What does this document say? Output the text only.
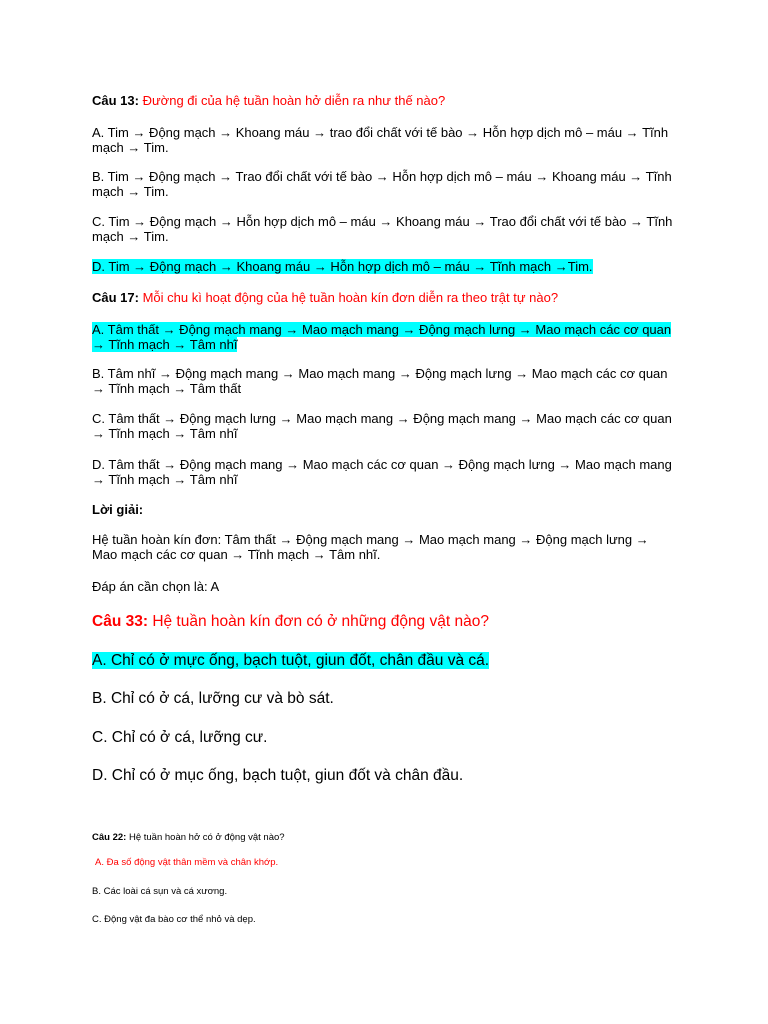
Câu 13: Đường đi của hệ tuần hoàn hở diễn ra như thế nào?
A. Tim → Động mạch → Khoang máu → trao đổi chất với tế bào → Hỗn hợp dịch mô – máu → Tĩnh mạch → Tim.
B. Tim → Động mạch → Trao đổi chất với tế bào → Hỗn hợp dịch mô – máu → Khoang máu → Tĩnh mạch → Tim.
C. Tim → Động mạch → Hỗn hợp dịch mô – máu → Khoang máu → Trao đổi chất với tế bào → Tĩnh mạch → Tim.
D. Tim → Động mạch → Khoang máu → Hỗn hợp dịch mô – máu → Tĩnh mạch →Tim.
Câu 17: Mỗi chu kì hoạt động của hệ tuần hoàn kín đơn diễn ra theo trật tự nào?
A. Tâm thất → Động mạch mang → Mao mạch mang → Động mạch lưng → Mao mạch các cơ quan → Tĩnh mạch → Tâm nhĩ
B. Tâm nhĩ → Động mạch mang → Mao mạch mang → Động mạch lưng → Mao mạch các cơ quan → Tĩnh mạch → Tâm thất
C. Tâm thất → Động mạch lưng → Mao mạch mang → Động mạch mang → Mao mạch các cơ quan → Tĩnh mạch → Tâm nhĩ
D. Tâm thất → Động mạch mang → Mao mạch các cơ quan → Động mạch lưng → Mao mạch mang → Tĩnh mạch → Tâm nhĩ
Lời giải:
Hệ tuần hoàn kín đơn: Tâm thất → Động mạch mang → Mao mạch mang → Động mạch lưng → Mao mạch các cơ quan → Tĩnh mạch → Tâm nhĩ.
Đáp án cần chọn là: A
Câu 33: Hệ tuần hoàn kín đơn có ở những động vật nào?
A. Chỉ có ở mực ống, bạch tuột, giun đốt, chân đầu và cá.
B. Chỉ có ở cá, lưỡng cư và bò sát.
C. Chỉ có ở cá, lưỡng cư.
D. Chỉ có ở mục ống, bạch tuột, giun đốt và chân đầu.
Câu 22: Hệ tuần hoàn hở có ở động vật nào?
A. Đa số động vật thân mềm và chân khớp.
B. Các loài cá sụn và cá xương.
C. Động vật đa bào cơ thể nhỏ và dẹp.
